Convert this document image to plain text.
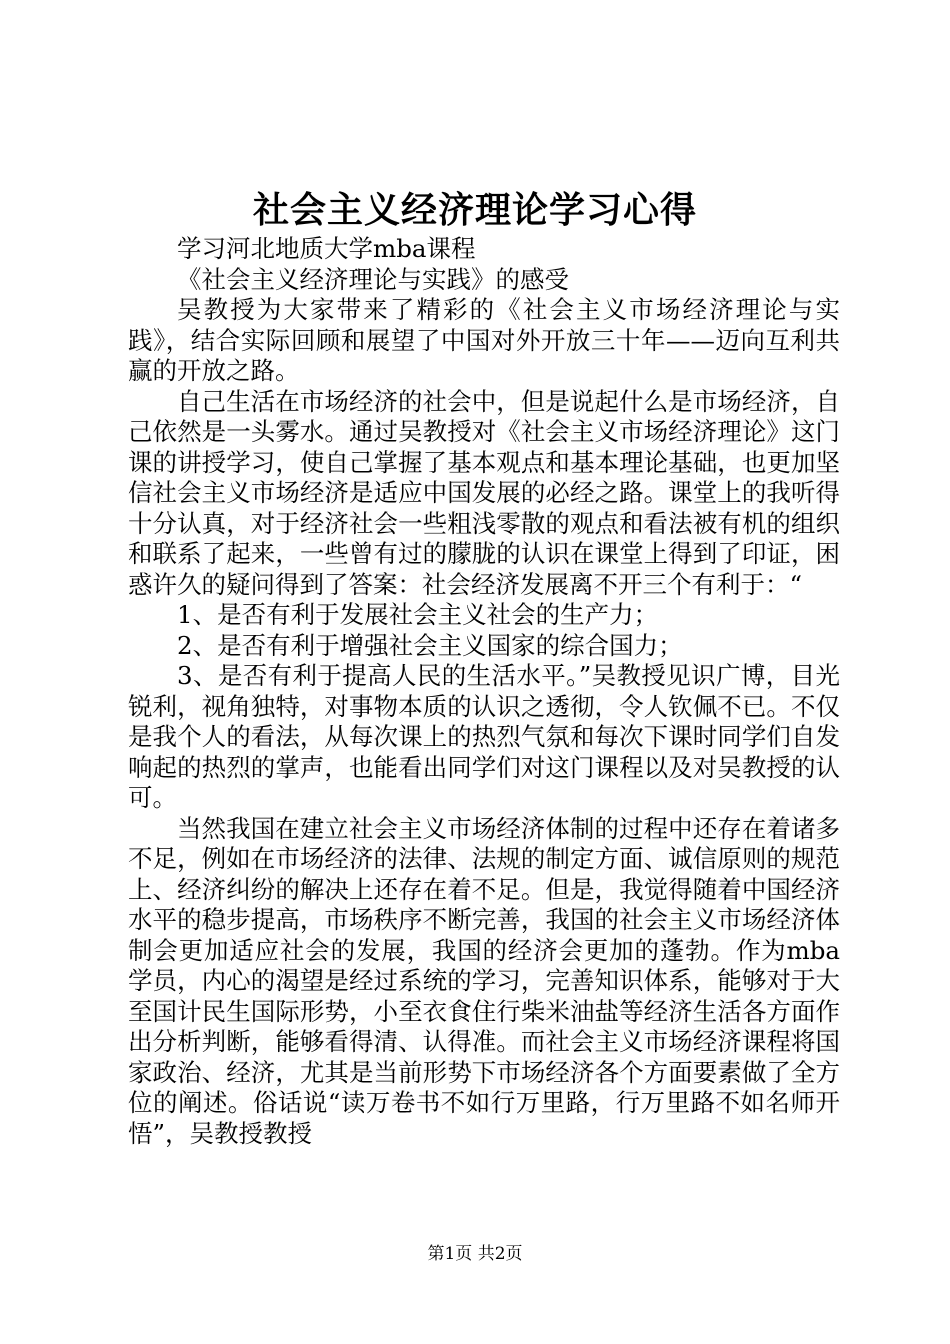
社会主义经济理论学习心得

学习河北地质大学mba课程

《社会主义经济理论与实践》的感受

吴教授为大家带来了精彩的《社会主义市场经济理论与实践》，结合实际回顾和展望了中国对外开放三十年——迈向互利共赢的开放之路。

自己生活在市场经济的社会中，但是说起什么是市场经济，自己依然是一头雾水。通过吴教授对《社会主义市场经济理论》这门课的讲授学习，使自己掌握了基本观点和基本理论基础，也更加坚信社会主义市场经济是适应中国发展的必经之路。课堂上的我听得十分认真，对于经济社会一些粗浅零散的观点和看法被有机的组织和联系了起来，一些曾有过的朦胧的认识在课堂上得到了印证，困惑许久的疑问得到了答案：社会经济发展离不开三个有利于：“

1、是否有利于发展社会主义社会的生产力；

2、是否有利于增强社会主义国家的综合国力；

3、是否有利于提高人民的生活水平。”吴教授见识广博，目光锐利，视角独特，对事物本质的认识之透彻，令人钦佩不已。不仅是我个人的看法，从每次课上的热烈气氛和每次下课时同学们自发响起的热烈的掌声，也能看出同学们对这门课程以及对吴教授的认可。

当然我国在建立社会主义市场经济体制的过程中还存在着诸多不足，例如在市场经济的法律、法规的制定方面、诚信原则的规范上、经济纠纷的解决上还存在着不足。但是，我觉得随着中国经济水平的稳步提高，市场秩序不断完善，我国的社会主义市场经济体制会更加适应社会的发展，我国的经济会更加的蓬勃。作为mba学员，内心的渴望是经过系统的学习，完善知识体系，能够对于大至国计民生国际形势，小至衣食住行柴米油盐等经济生活各方面作出分析判断，能够看得清、认得准。而社会主义市场经济课程将国家政治、经济，尤其是当前形势下市场经济各个方面要素做了全方位的阐述。俗话说“读万卷书不如行万里路，行万里路不如名师开悟”，吴教授教授

第1页 共2页
